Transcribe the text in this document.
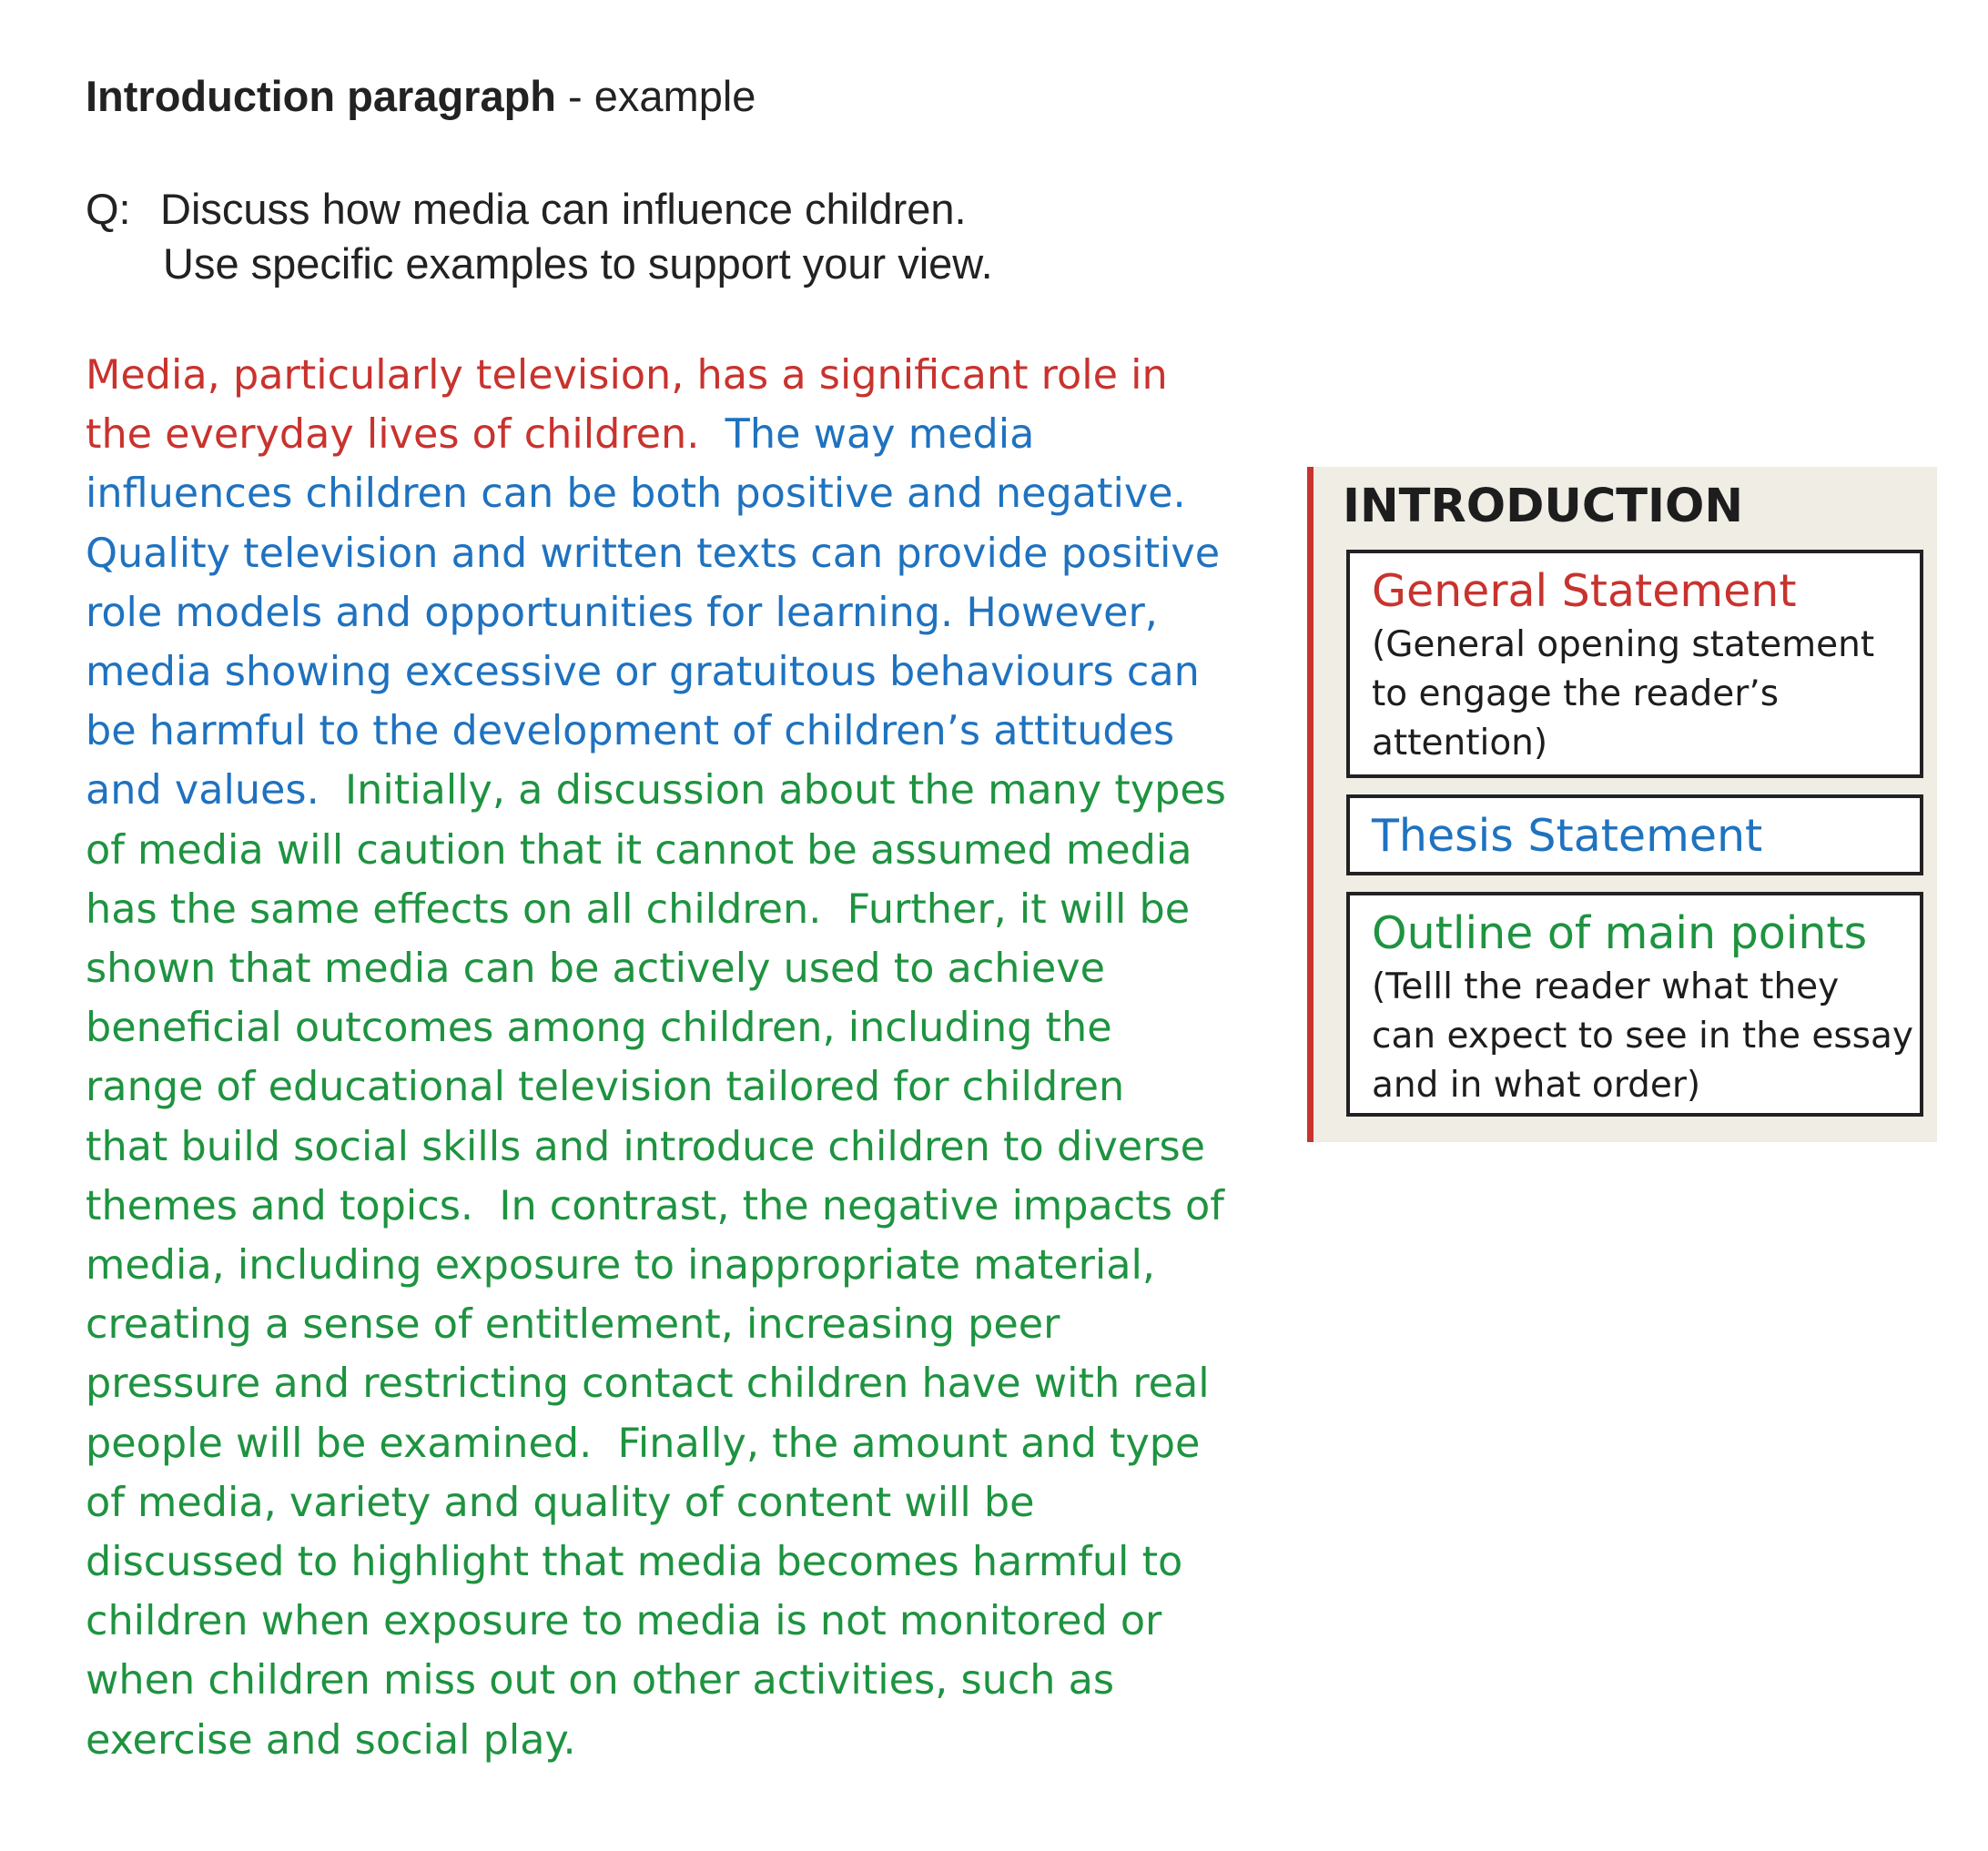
Introduction paragraph - example
Q: Discuss how media can influence children.
Use specific examples to support your view.
Media, particularly television, has a significant role in
the everyday lives of children.  The way media
influences children can be both positive and negative.
Quality television and written texts can provide positive
role models and opportunities for learning. However,
media showing excessive or gratuitous behaviours can
be harmful to the development of children’s attitudes
and values.  Initially, a discussion about the many types
of media will caution that it cannot be assumed media
has the same effects on all children.  Further, it will be
shown that media can be actively used to achieve
beneficial outcomes among children, including the
range of educational television tailored for children
that build social skills and introduce children to diverse
themes and topics.  In contrast, the negative impacts of
media, including exposure to inappropriate material,
creating a sense of entitlement, increasing peer
pressure and restricting contact children have with real
people will be examined.  Finally, the amount and type
of media, variety and quality of content will be
discussed to highlight that media becomes harmful to
children when exposure to media is not monitored or
when children miss out on other activities, such as
exercise and social play.
INTRODUCTION
General Statement
(General opening statement
to engage the reader’s
attention)
Thesis Statement
Outline of main points
(Telll the reader what they
can expect to see in the essay
and in what order)
